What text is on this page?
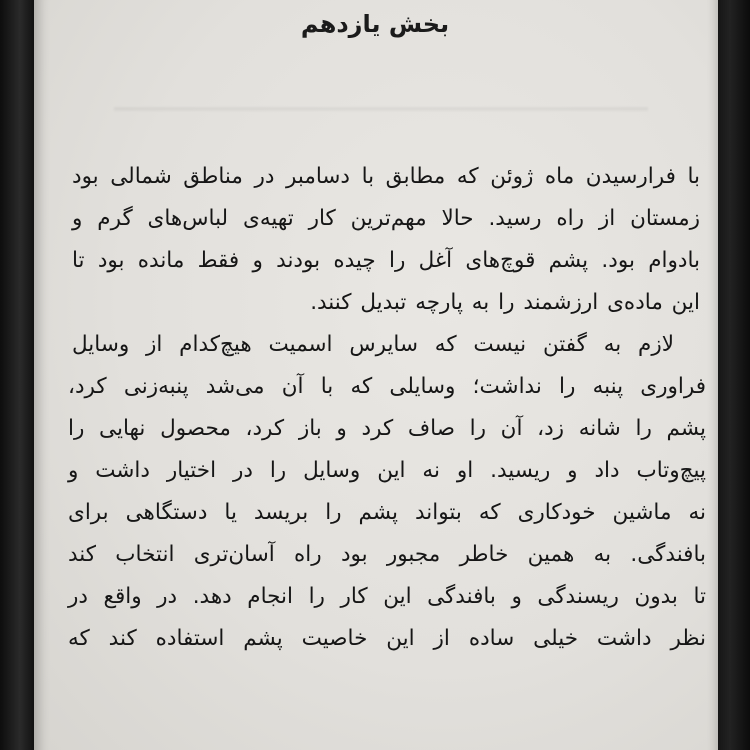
بخش یازدهم
با فرارسیدن ماه ژوئن که مطابق با دسامبر در مناطق شمالی بود
زمستان از راه رسید. حالا مهم‌ترین کار تهیه‌ی لباس‌های گرم و
بادوام بود. پشم قوچ‌های آغل را چیده بودند و فقط مانده بود تا
این ماده‌ی ارزشمند را به پارچه تبدیل کنند.
لازم به گفتن نیست که سایرس اسمیت هیچ‌کدام از وسایل
فراوری پنبه را نداشت؛ وسایلی که با آن می‌شد پنبه‌زنی کرد،
پشم را شانه زد، آن را صاف کرد و باز کرد، محصول نهایی را
پیچ‌وتاب داد و ریسید. او نه این وسایل را در اختیار داشت و
نه ماشین خودکاری که بتواند پشم را بریسد یا دستگاهی برای
بافندگی. به همین خاطر مجبور بود راه آسان‌تری انتخاب کند
تا بدون ریسندگی و بافندگی این کار را انجام دهد. در واقع در
نظر داشت خیلی ساده از این خاصیت پشم استفاده کند که
